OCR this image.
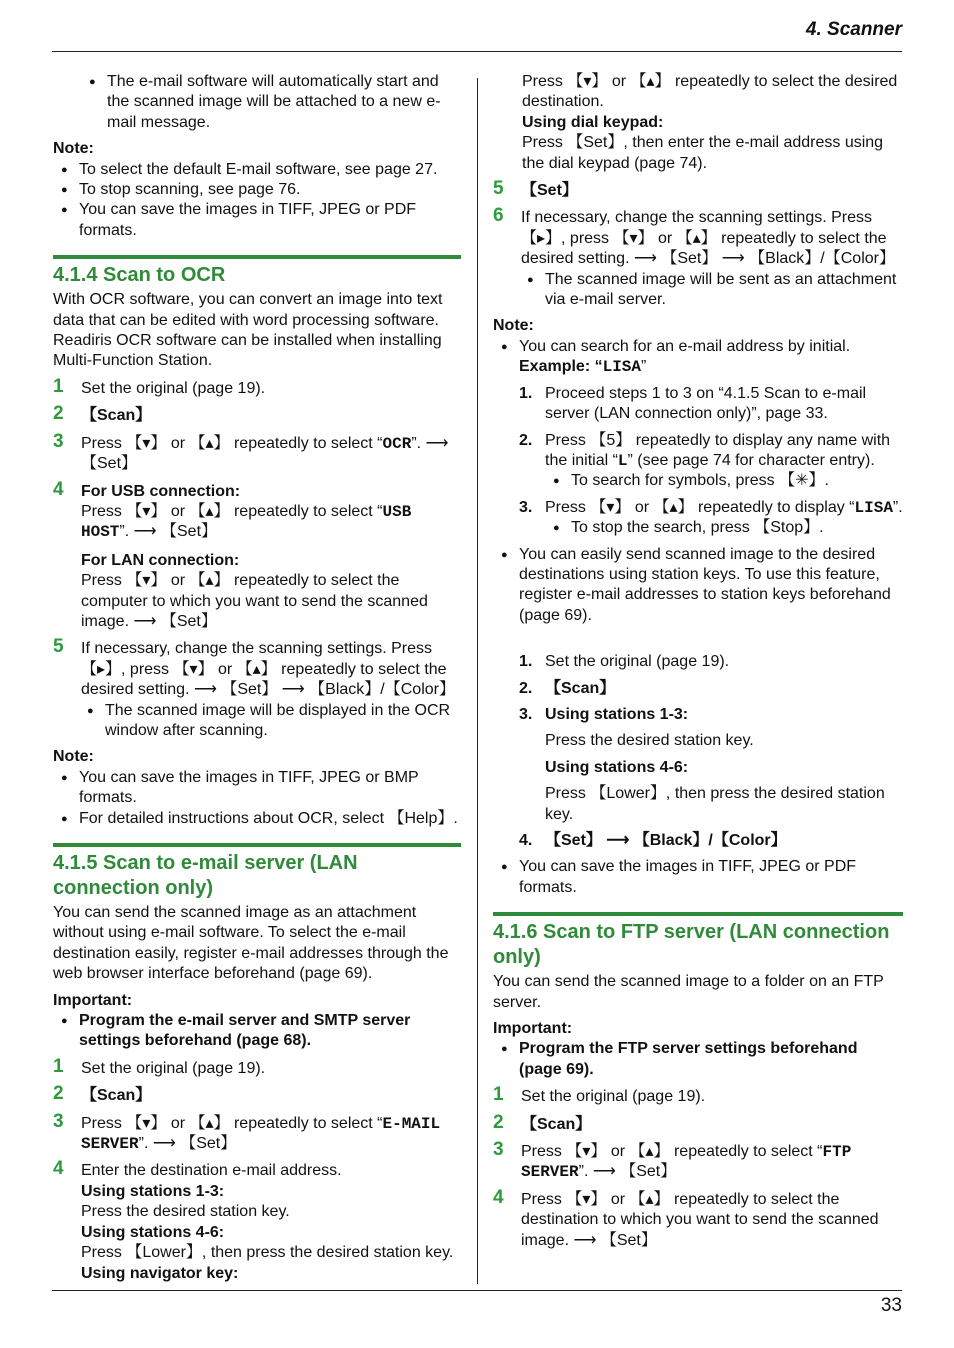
4. Scanner

● The e-mail software will automatically start and the scanned image will be attached to a new e-mail message.

Note:

● To select the default E-mail software, see page 27.

● To stop scanning, see page 76.

● You can save the images in TIFF, JPEG or PDF formats.

4.1.4 Scan to OCR

With OCR software, you can convert an image into text data that can be edited with word processing software. Readiris OCR software can be installed when installing Multi-Function Station.

1 Set the original (page 19).
2 【Scan】
3 Press 【▾】 or 【▴】 repeatedly to select “OCR”. ⟶ 【Set】
4 For USB connection:
Press 【▾】 or 【▴】 repeatedly to select “USB HOST”. ⟶ 【Set】
For LAN connection:
Press 【▾】 or 【▴】 repeatedly to select the computer to which you want to send the scanned image. ⟶ 【Set】
5 If necessary, change the scanning settings. Press 【▸】, press 【▾】 or 【▴】 repeatedly to select the desired setting. ⟶ 【Set】 ⟶ 【Black】/【Color】

● The scanned image will be displayed in the OCR window after scanning.

Note:

● You can save the images in TIFF, JPEG or BMP formats.

● For detailed instructions about OCR, select 【Help】.

4.1.5 Scan to e-mail server (LAN connection only)

You can send the scanned image as an attachment without using e-mail software. To select the e-mail destination easily, register e-mail addresses through the web browser interface beforehand (page 69).

Important:

● Program the e-mail server and SMTP server settings beforehand (page 68).

1 Set the original (page 19).
2 【Scan】
3 Press 【▾】 or 【▴】 repeatedly to select “E-MAIL SERVER”. ⟶ 【Set】
4 Enter the destination e-mail address.
Using stations 1-3:
Press the desired station key.
Using stations 4-6:
Press 【Lower】, then press the desired station key.
Using navigator key:
Press 【▾】 or 【▴】 repeatedly to select the desired destination.
Using dial keypad:
Press 【Set】, then enter the e-mail address using the dial keypad (page 74).
5 【Set】
6 If necessary, change the scanning settings. Press 【▸】, press 【▾】 or 【▴】 repeatedly to select the desired setting. ⟶ 【Set】 ⟶ 【Black】/【Color】

● The scanned image will be sent as an attachment via e-mail server.

Note:

● You can search for an e-mail address by initial.

Example: “LISA”
1. Proceed steps 1 to 3 on “4.1.5 Scan to e-mail server (LAN connection only)”, page 33.
2. Press 【5】 repeatedly to display any name with the initial “L” (see page 74 for character entry).

● To search for symbols, press 【✳】.

3. Press 【▾】 or 【▴】 repeatedly to display “LISA”.

● To stop the search, press 【Stop】.

● You can easily send scanned image to the desired destinations using station keys. To use this feature, register e-mail addresses to station keys beforehand (page 69).

1. Set the original (page 19).
2. 【Scan】
3. Using stations 1-3:
Press the desired station key.
Using stations 4-6:
Press 【Lower】, then press the desired station key.
4. 【Set】 ⟶ 【Black】/【Color】

● You can save the images in TIFF, JPEG or PDF formats.

4.1.6 Scan to FTP server (LAN connection only)

You can send the scanned image to a folder on an FTP server.

Important:

● Program the FTP server settings beforehand (page 69).

1 Set the original (page 19).
2 【Scan】
3 Press 【▾】 or 【▴】 repeatedly to select “FTP SERVER”. ⟶ 【Set】
4 Press 【▾】 or 【▴】 repeatedly to select the destination to which you want to send the scanned image. ⟶ 【Set】
33
